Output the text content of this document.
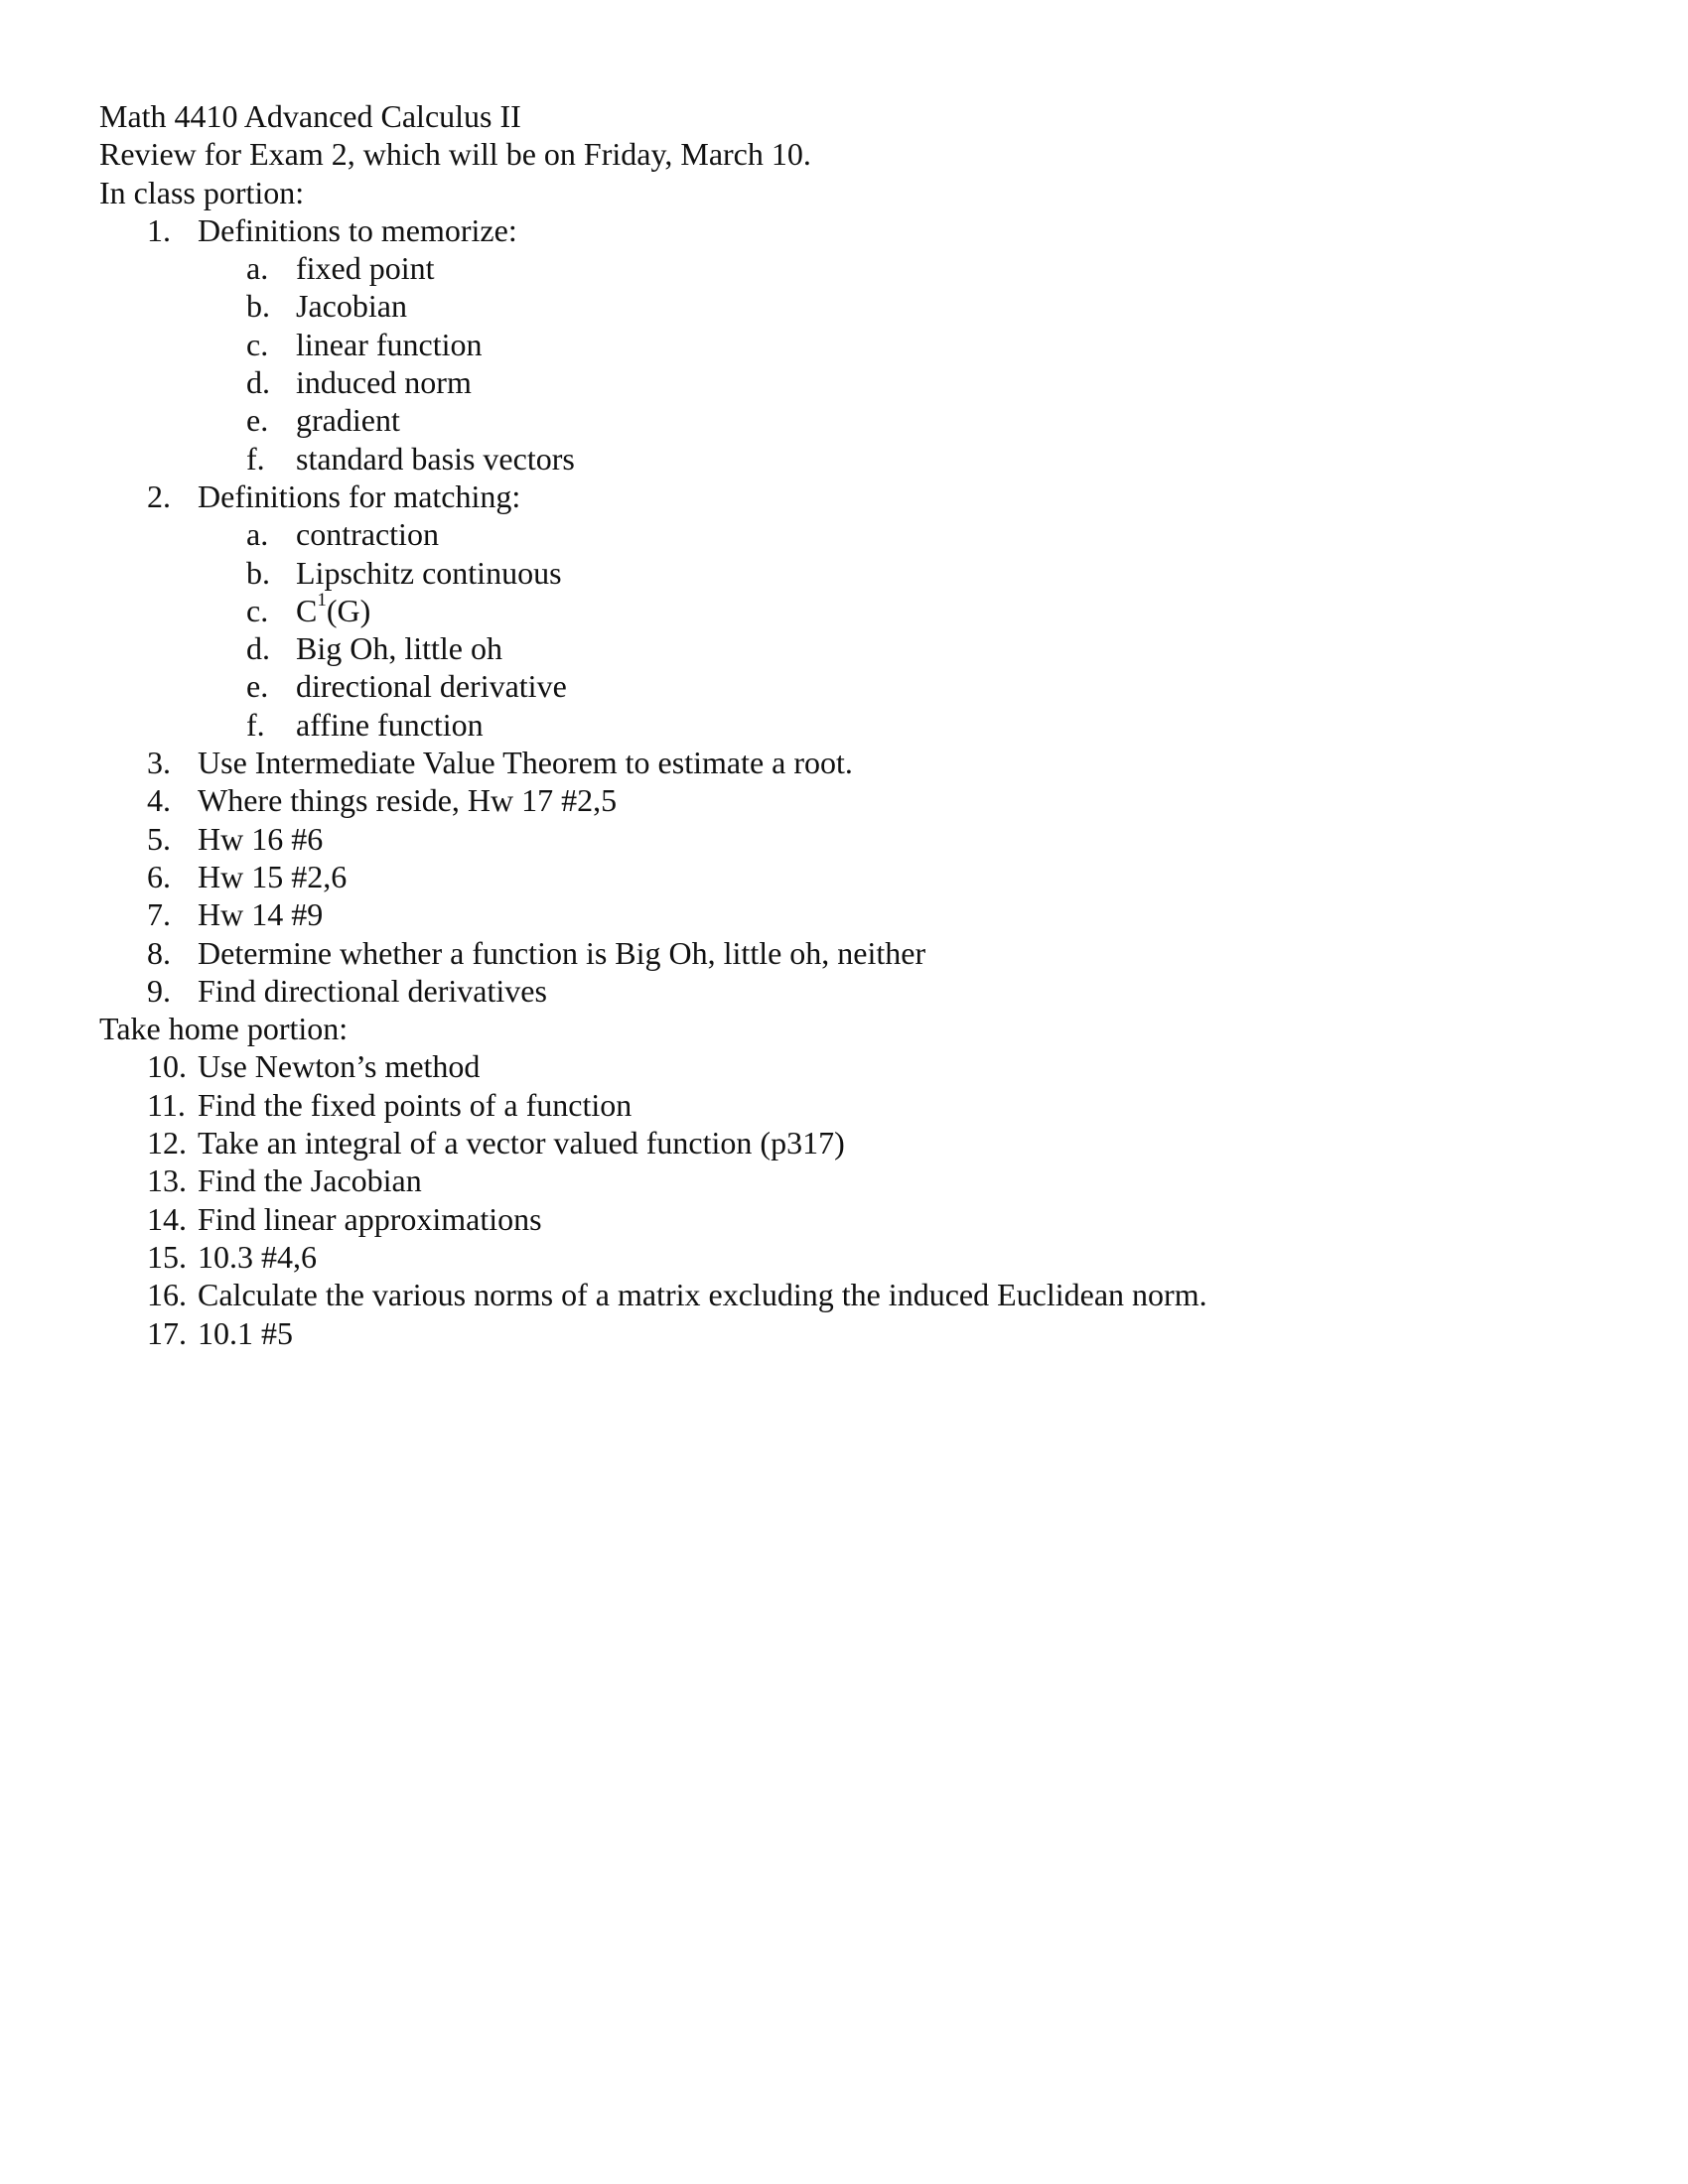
Math 4410 Advanced Calculus II
Review for Exam 2, which will be on Friday, March 10.
In class portion:
1. Definitions to memorize:
a. fixed point
b. Jacobian
c. linear function
d. induced norm
e. gradient
f. standard basis vectors
2. Definitions for matching:
a. contraction
b. Lipschitz continuous
c. $C^1(G)$
d. Big Oh, little oh
e. directional derivative
f. affine function
3. Use Intermediate Value Theorem to estimate a root.
4. Where things reside, Hw 17 #2,5
5. Hw 16 #6
6. Hw 15 #2,6
7. Hw 14 #9
8. Determine whether a function is Big Oh, little oh, neither
9. Find directional derivatives
Take home portion:
10. Use Newton’s method
11. Find the fixed points of a function
12. Take an integral of a vector valued function (p317)
13. Find the Jacobian
14. Find linear approximations
15. 10.3 #4,6
16. Calculate the various norms of a matrix excluding the induced Euclidean norm.
17. 10.1 #5
